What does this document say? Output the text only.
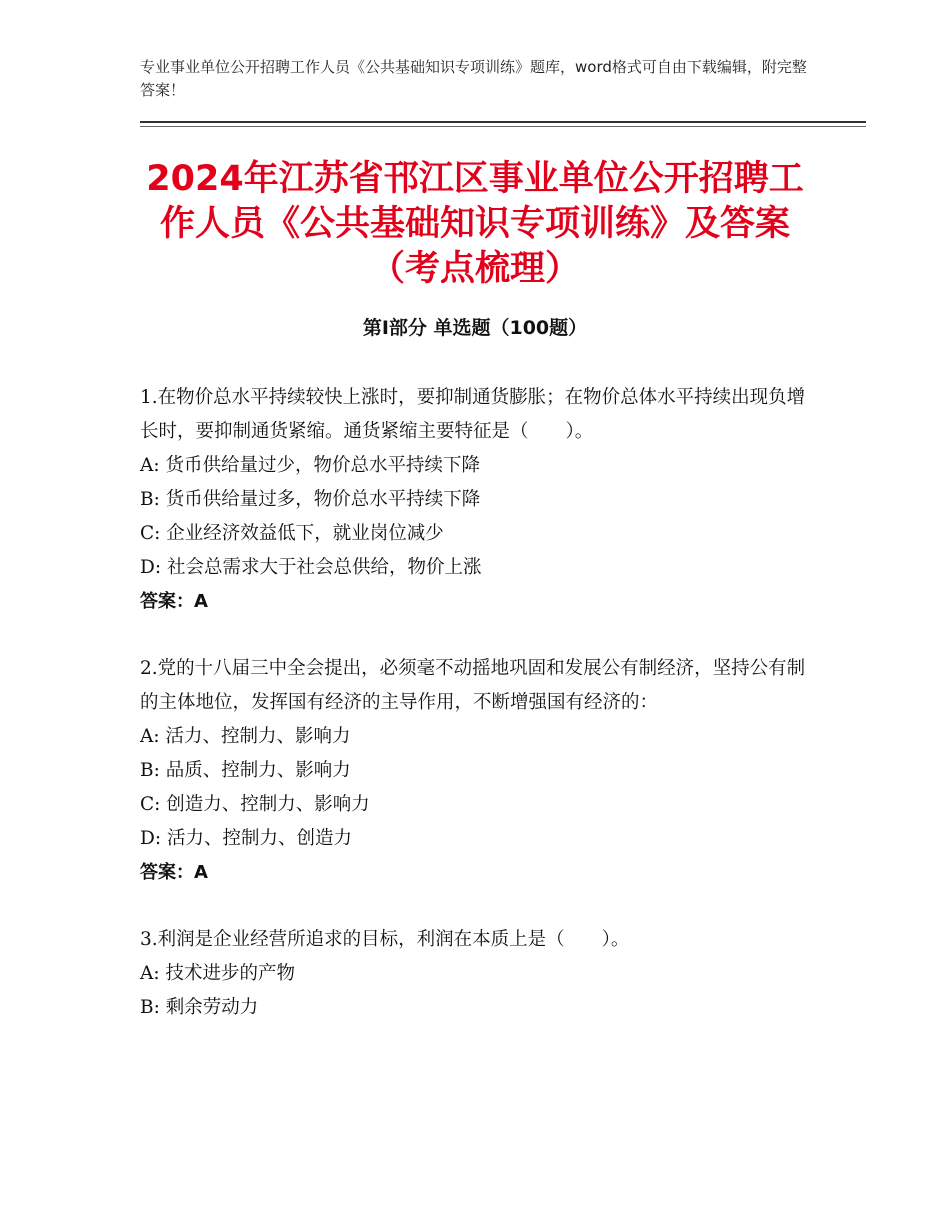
专业事业单位公开招聘工作人员《公共基础知识专项训练》题库，word格式可自由下载编辑，附完整答案！
2024年江苏省邗江区事业单位公开招聘工作人员《公共基础知识专项训练》及答案（考点梳理）
第Ⅰ部分 单选题（100题）

1.在物价总水平持续较快上涨时，要抑制通货膨胀；在物价总体水平持续出现负增长时，要抑制通货紧缩。通货紧缩主要特征是（　　）。

A: 货币供给量过少，物价总水平持续下降

B: 货币供给量过多，物价总水平持续下降

C: 企业经济效益低下，就业岗位减少

D: 社会总需求大于社会总供给，物价上涨

答案：A

2.党的十八届三中全会提出，必须毫不动摇地巩固和发展公有制经济，坚持公有制的主体地位，发挥国有经济的主导作用，不断增强国有经济的：

A: 活力、控制力、影响力

B: 品质、控制力、影响力

C: 创造力、控制力、影响力

D: 活力、控制力、创造力

答案：A

3.利润是企业经营所追求的目标，利润在本质上是（　　）。

A: 技术进步的产物

B: 剩余劳动力
